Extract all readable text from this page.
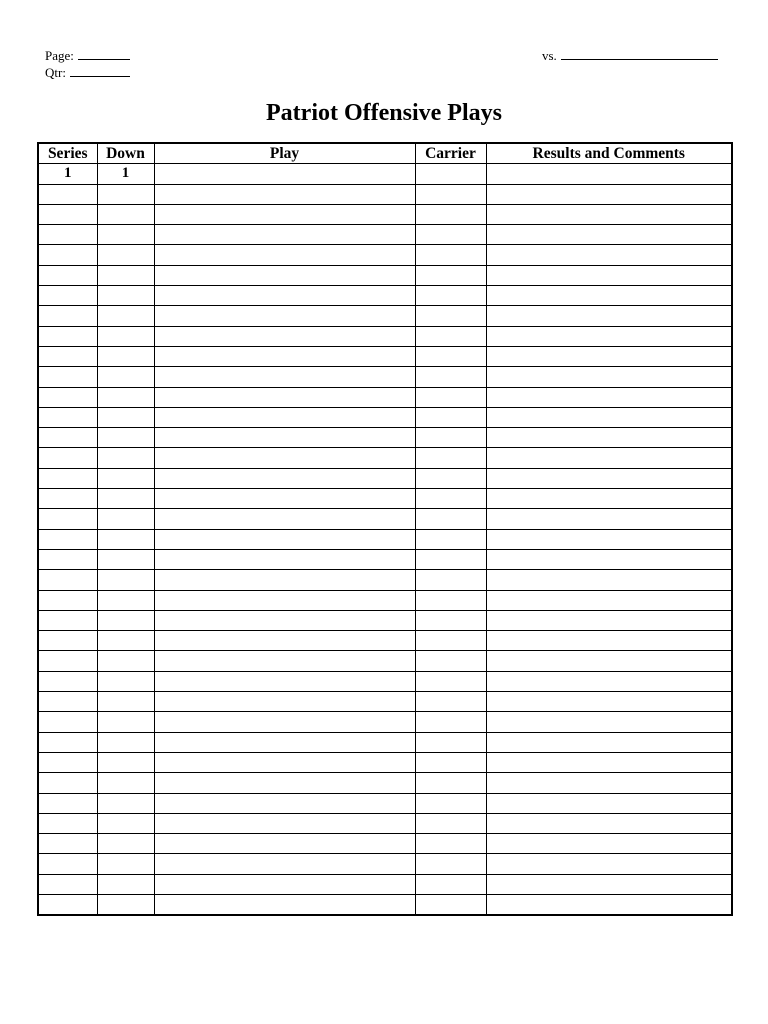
Page:
Qtr:
vs.
Patriot Offensive Plays
Series	Down	Play	Carrier	Results and Comments
1	1			
